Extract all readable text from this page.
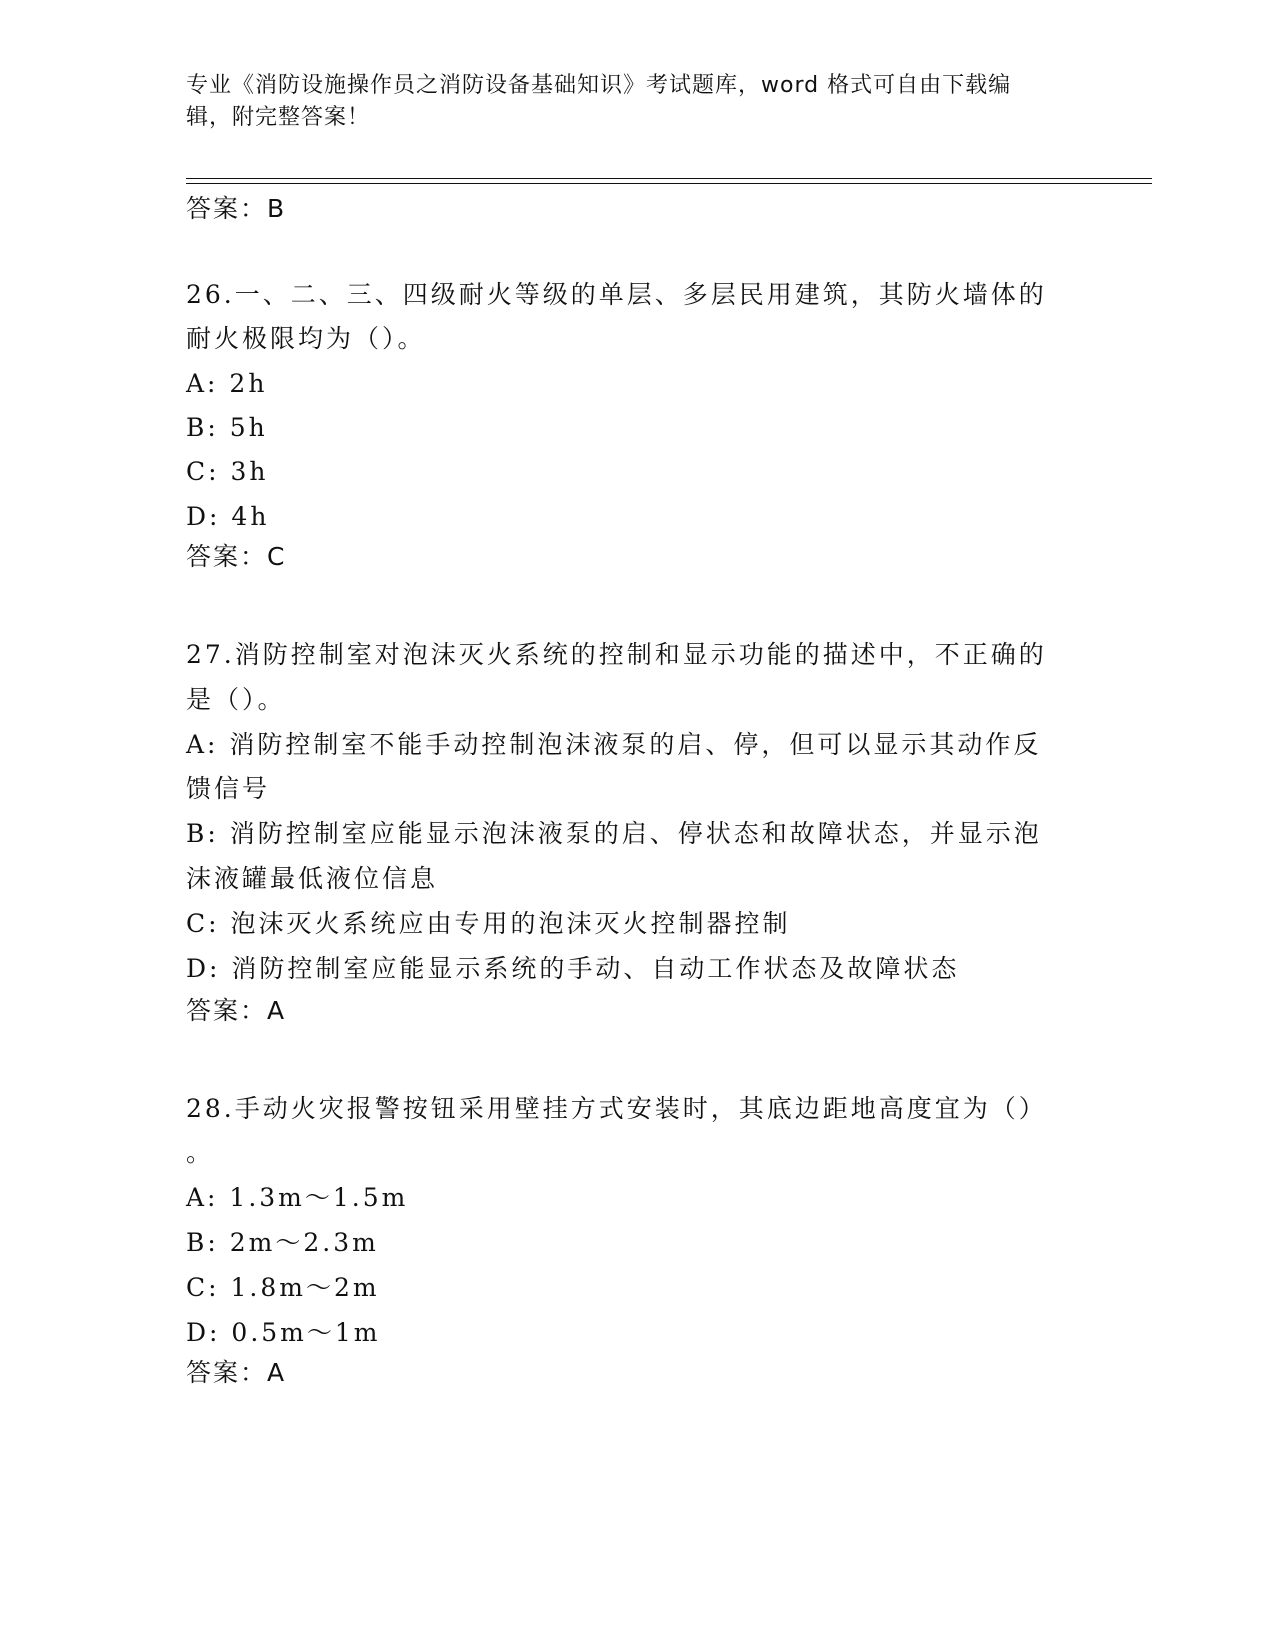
专业《消防设施操作员之消防设备基础知识》考试题库，word 格式可自由下载编
辑，附完整答案！
答案：B
26.一、二、三、四级耐火等级的单层、多层民用建筑，其防火墙体的
耐火极限均为（）。
A: 2h
B: 5h
C: 3h
D: 4h
答案：C
27.消防控制室对泡沫灭火系统的控制和显示功能的描述中，不正确的
是（）。
A: 消防控制室不能手动控制泡沫液泵的启、停，但可以显示其动作反
馈信号
B: 消防控制室应能显示泡沫液泵的启、停状态和故障状态，并显示泡
沫液罐最低液位信息
C: 泡沫灭火系统应由专用的泡沫灭火控制器控制
D: 消防控制室应能显示系统的手动、自动工作状态及故障状态
答案：A
28.手动火灾报警按钮采用壁挂方式安装时，其底边距地高度宜为（）
。
A: 1.3m～1.5m
B: 2m～2.3m
C: 1.8m～2m
D: 0.5m～1m
答案：A
